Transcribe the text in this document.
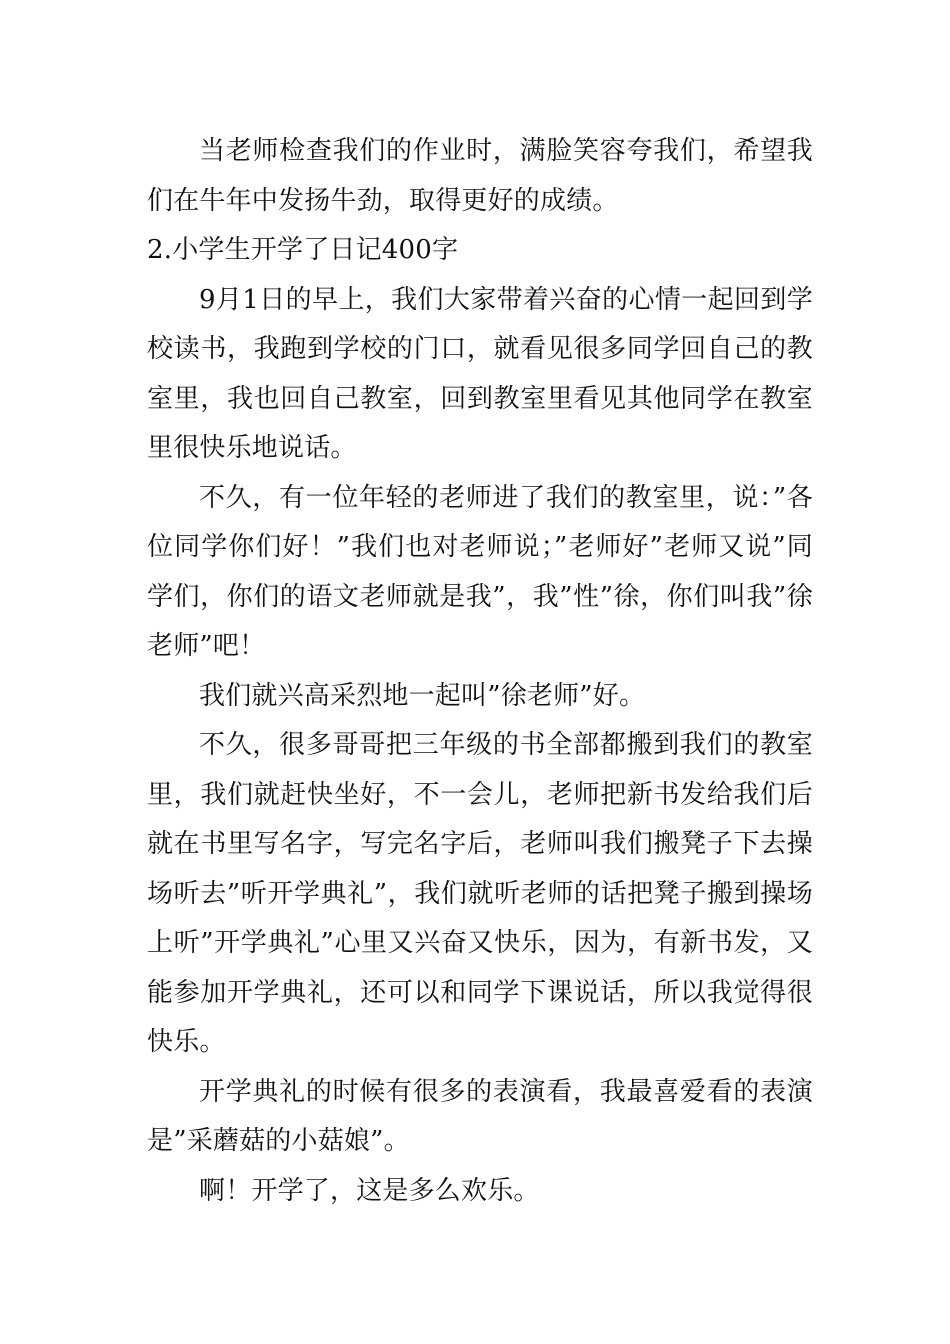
当老师检查我们的作业时，满脸笑容夸我们，希望我们在牛年中发扬牛劲，取得更好的成绩。

2.小学生开学了日记400字

9月1日的早上，我们大家带着兴奋的心情一起回到学校读书，我跑到学校的门口，就看见很多同学回自己的教室里，我也回自己教室，回到教室里看见其他同学在教室里很快乐地说话。

不久，有一位年轻的老师进了我们的教室里，说：”各位同学你们好！”我们也对老师说；”老师好”老师又说”同学们，你们的语文老师就是我”，我”性”徐，你们叫我”徐老师”吧！

我们就兴高采烈地一起叫”徐老师”好。

不久，很多哥哥把三年级的书全部都搬到我们的教室里，我们就赶快坐好，不一会儿，老师把新书发给我们后就在书里写名字，写完名字后，老师叫我们搬凳子下去操场听去”听开学典礼”，我们就听老师的话把凳子搬到操场上听”开学典礼”心里又兴奋又快乐，因为，有新书发，又能参加开学典礼，还可以和同学下课说话，所以我觉得很快乐。

开学典礼的时候有很多的表演看，我最喜爱看的表演是”采蘑菇的小菇娘”。

啊！开学了，这是多么欢乐。
